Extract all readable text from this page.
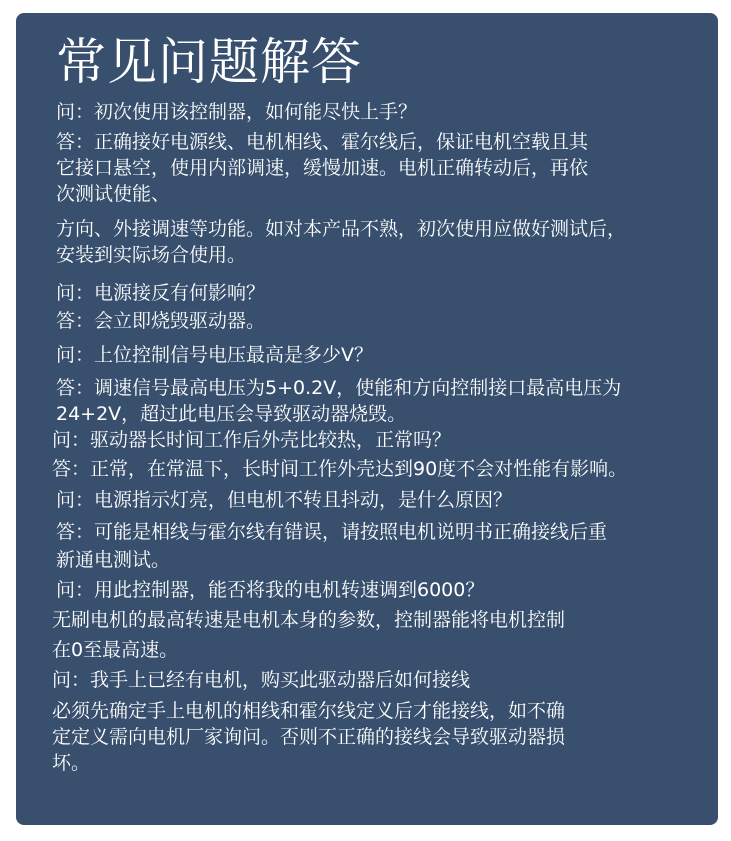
常见问题解答
问：初次使用该控制器，如何能尽快上手？
答：正确接好电源线、电机相线、霍尔线后，保证电机空载且其
它接口悬空，使用内部调速，缓慢加速。电机正确转动后，再依
次测试使能、
方向、外接调速等功能。如对本产品不熟，初次使用应做好测试后，
安装到实际场合使用。
问：电源接反有何影响？
答：会立即烧毁驱动器。
问：上位控制信号电压最高是多少V？
答：调速信号最高电压为5+0.2V，使能和方向控制接口最高电压为
24+2V，超过此电压会导致驱动器烧毁。
问：驱动器长时间工作后外壳比较热，正常吗？
答：正常，在常温下，长时间工作外壳达到90度不会对性能有影响。
问：电源指示灯亮，但电机不转且抖动，是什么原因？
答：可能是相线与霍尔线有错误，请按照电机说明书正确接线后重
新通电测试。
问：用此控制器，能否将我的电机转速调到6000？
无刷电机的最高转速是电机本身的参数，控制器能将电机控制
在0至最高速。
问：我手上已经有电机，购买此驱动器后如何接线
必须先确定手上电机的相线和霍尔线定义后才能接线，如不确
定定义需向电机厂家询问。否则不正确的接线会导致驱动器损
坏。
